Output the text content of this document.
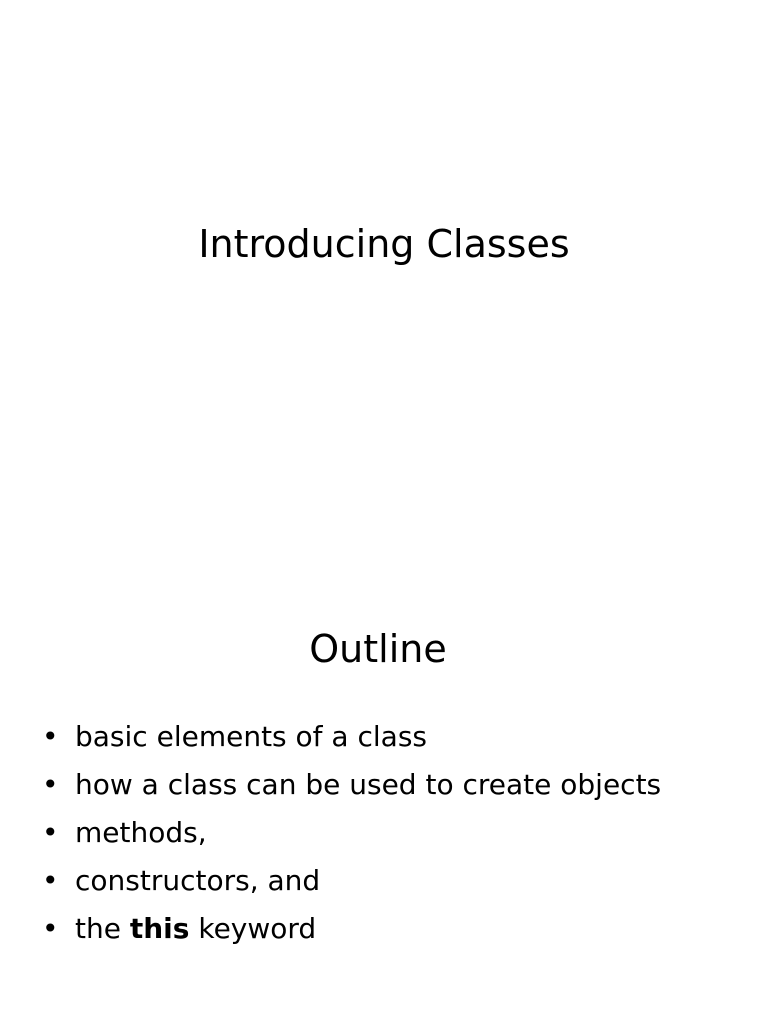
Introducing Classes
Outline
• basic elements of a class
• how a class can be used to create objects
• methods,
• constructors, and
• the this keyword
